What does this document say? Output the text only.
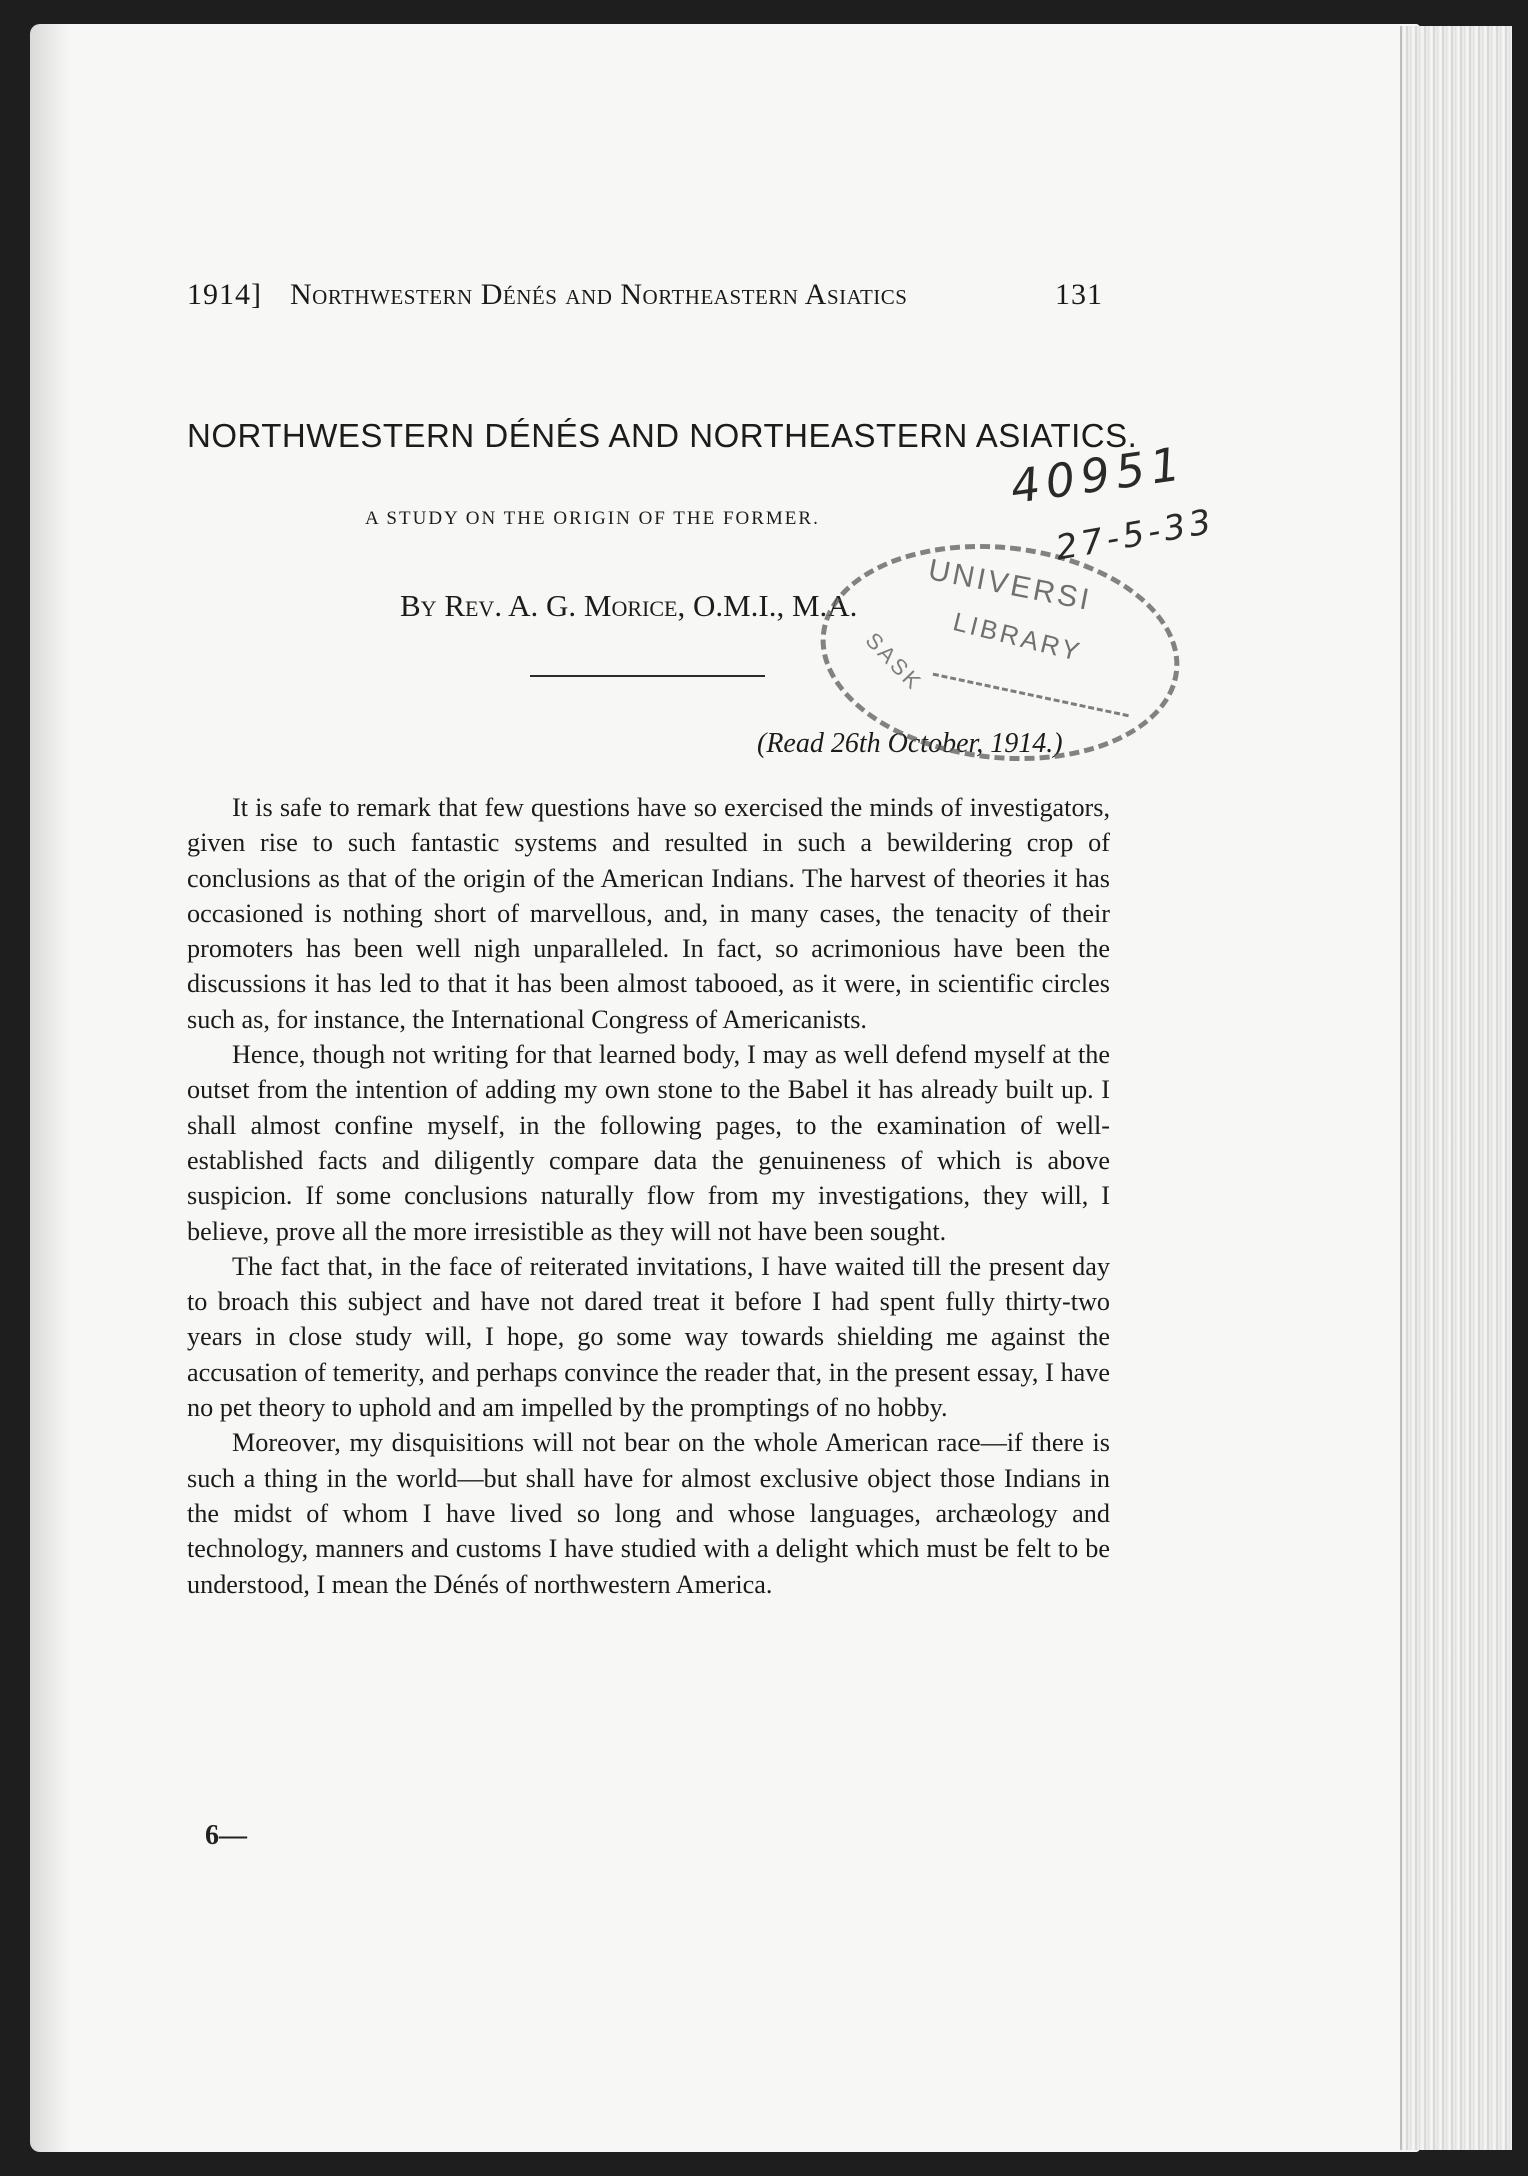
1914] Northwestern Dénés and Northeastern Asiatics	131
NORTHWESTERN DÉNÉS AND NORTHEASTERN ASIATICS.
A STUDY ON THE ORIGIN OF THE FORMER.
By Rev. A. G. Morice, O.M.I., M.A.
(Read 26th October, 1914.)
UNIVERSI
LIBRARY
SASK
40951
27-5-33

It is safe to remark that few questions have so exercised the minds of investigators, given rise to such fantastic systems and resulted in such a bewildering crop of conclusions as that of the origin of the American Indians. The harvest of theories it has occasioned is nothing short of marvellous, and, in many cases, the tenacity of their promoters has been well nigh unparalleled. In fact, so acrimonious have been the discussions it has led to that it has been almost tabooed, as it were, in scientific circles such as, for instance, the International Congress of Americanists.

Hence, though not writing for that learned body, I may as well defend myself at the outset from the intention of adding my own stone to the Babel it has already built up. I shall almost confine myself, in the following pages, to the examination of well-established facts and diligently compare data the genuineness of which is above suspicion. If some conclusions naturally flow from my investigations, they will, I believe, prove all the more irresistible as they will not have been sought.

The fact that, in the face of reiterated invitations, I have waited till the present day to broach this subject and have not dared treat it before I had spent fully thirty-two years in close study will, I hope, go some way towards shielding me against the accusation of temerity, and perhaps convince the reader that, in the present essay, I have no pet theory to uphold and am impelled by the promptings of no hobby.

Moreover, my disquisitions will not bear on the whole American race—if there is such a thing in the world—but shall have for almost exclusive object those Indians in the midst of whom I have lived so long and whose languages, archæology and technology, manners and customs I have studied with a delight which must be felt to be understood, I mean the Dénés of northwestern America.

6—
